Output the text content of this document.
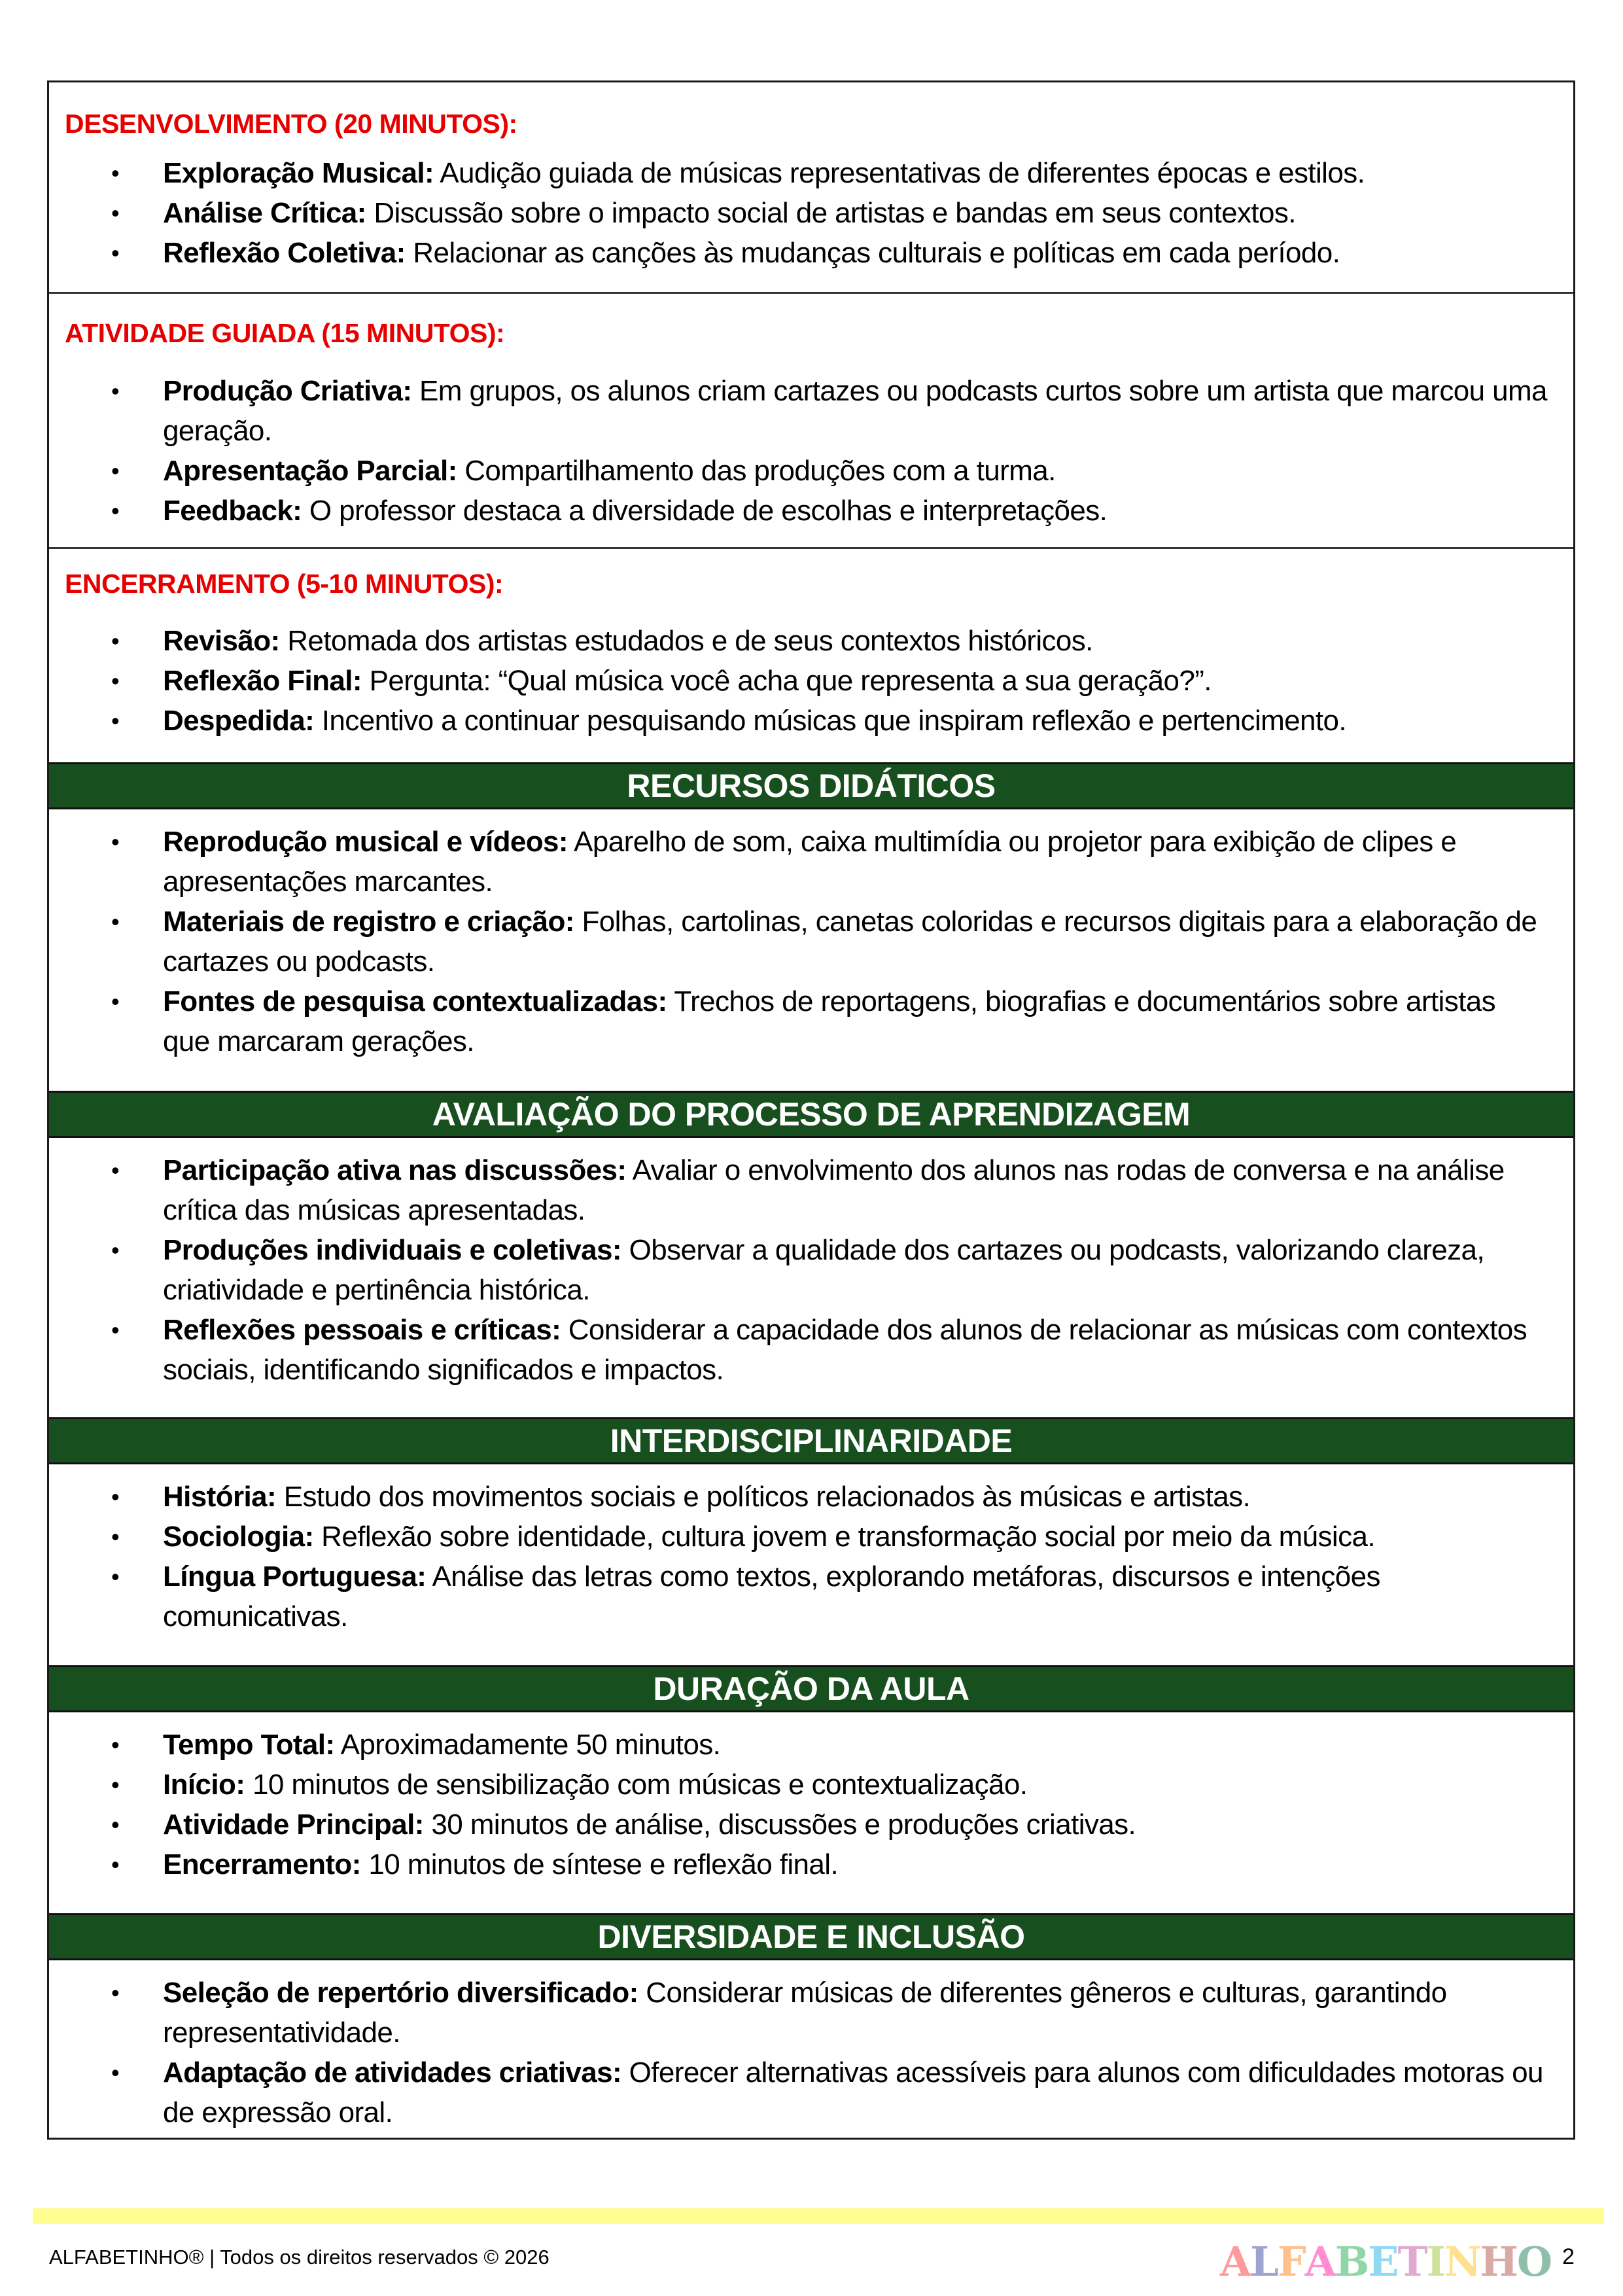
DESENVOLVIMENTO (20 MINUTOS):
• Exploração Musical: Audição guiada de músicas representativas de diferentes épocas e estilos.
• Análise Crítica: Discussão sobre o impacto social de artistas e bandas em seus contextos.
• Reflexão Coletiva: Relacionar as canções às mudanças culturais e políticas em cada período.
ATIVIDADE GUIADA (15 MINUTOS):
• Produção Criativa: Em grupos, os alunos criam cartazes ou podcasts curtos sobre um artista que marcou uma geração.
• Apresentação Parcial: Compartilhamento das produções com a turma.
• Feedback: O professor destaca a diversidade de escolhas e interpretações.
ENCERRAMENTO (5-10 MINUTOS):
• Revisão: Retomada dos artistas estudados e de seus contextos históricos.
• Reflexão Final: Pergunta: “Qual música você acha que representa a sua geração?”.
• Despedida: Incentivo a continuar pesquisando músicas que inspiram reflexão e pertencimento.
RECURSOS DIDÁTICOS
• Reprodução musical e vídeos: Aparelho de som, caixa multimídia ou projetor para exibição de clipes e apresentações marcantes.
• Materiais de registro e criação: Folhas, cartolinas, canetas coloridas e recursos digitais para a elaboração de cartazes ou podcasts.
• Fontes de pesquisa contextualizadas: Trechos de reportagens, biografias e documentários sobre artistas que marcaram gerações.
AVALIAÇÃO DO PROCESSO DE APRENDIZAGEM
• Participação ativa nas discussões: Avaliar o envolvimento dos alunos nas rodas de conversa e na análise crítica das músicas apresentadas.
• Produções individuais e coletivas: Observar a qualidade dos cartazes ou podcasts, valorizando clareza, criatividade e pertinência histórica.
• Reflexões pessoais e críticas: Considerar a capacidade dos alunos de relacionar as músicas com contextos sociais, identificando significados e impactos.
INTERDISCIPLINARIDADE
• História: Estudo dos movimentos sociais e políticos relacionados às músicas e artistas.
• Sociologia: Reflexão sobre identidade, cultura jovem e transformação social por meio da música.
• Língua Portuguesa: Análise das letras como textos, explorando metáforas, discursos e intenções comunicativas.
DURAÇÃO DA AULA
• Tempo Total: Aproximadamente 50 minutos.
• Início: 10 minutos de sensibilização com músicas e contextualização.
• Atividade Principal: 30 minutos de análise, discussões e produções criativas.
• Encerramento: 10 minutos de síntese e reflexão final.
DIVERSIDADE E INCLUSÃO
• Seleção de repertório diversificado: Considerar músicas de diferentes gêneros e culturas, garantindo representatividade.
• Adaptação de atividades criativas: Oferecer alternativas acessíveis para alunos com dificuldades motoras ou de expressão oral.
ALFABETINHO® | Todos os direitos reservados © 2026	ALFABETINHO 2
